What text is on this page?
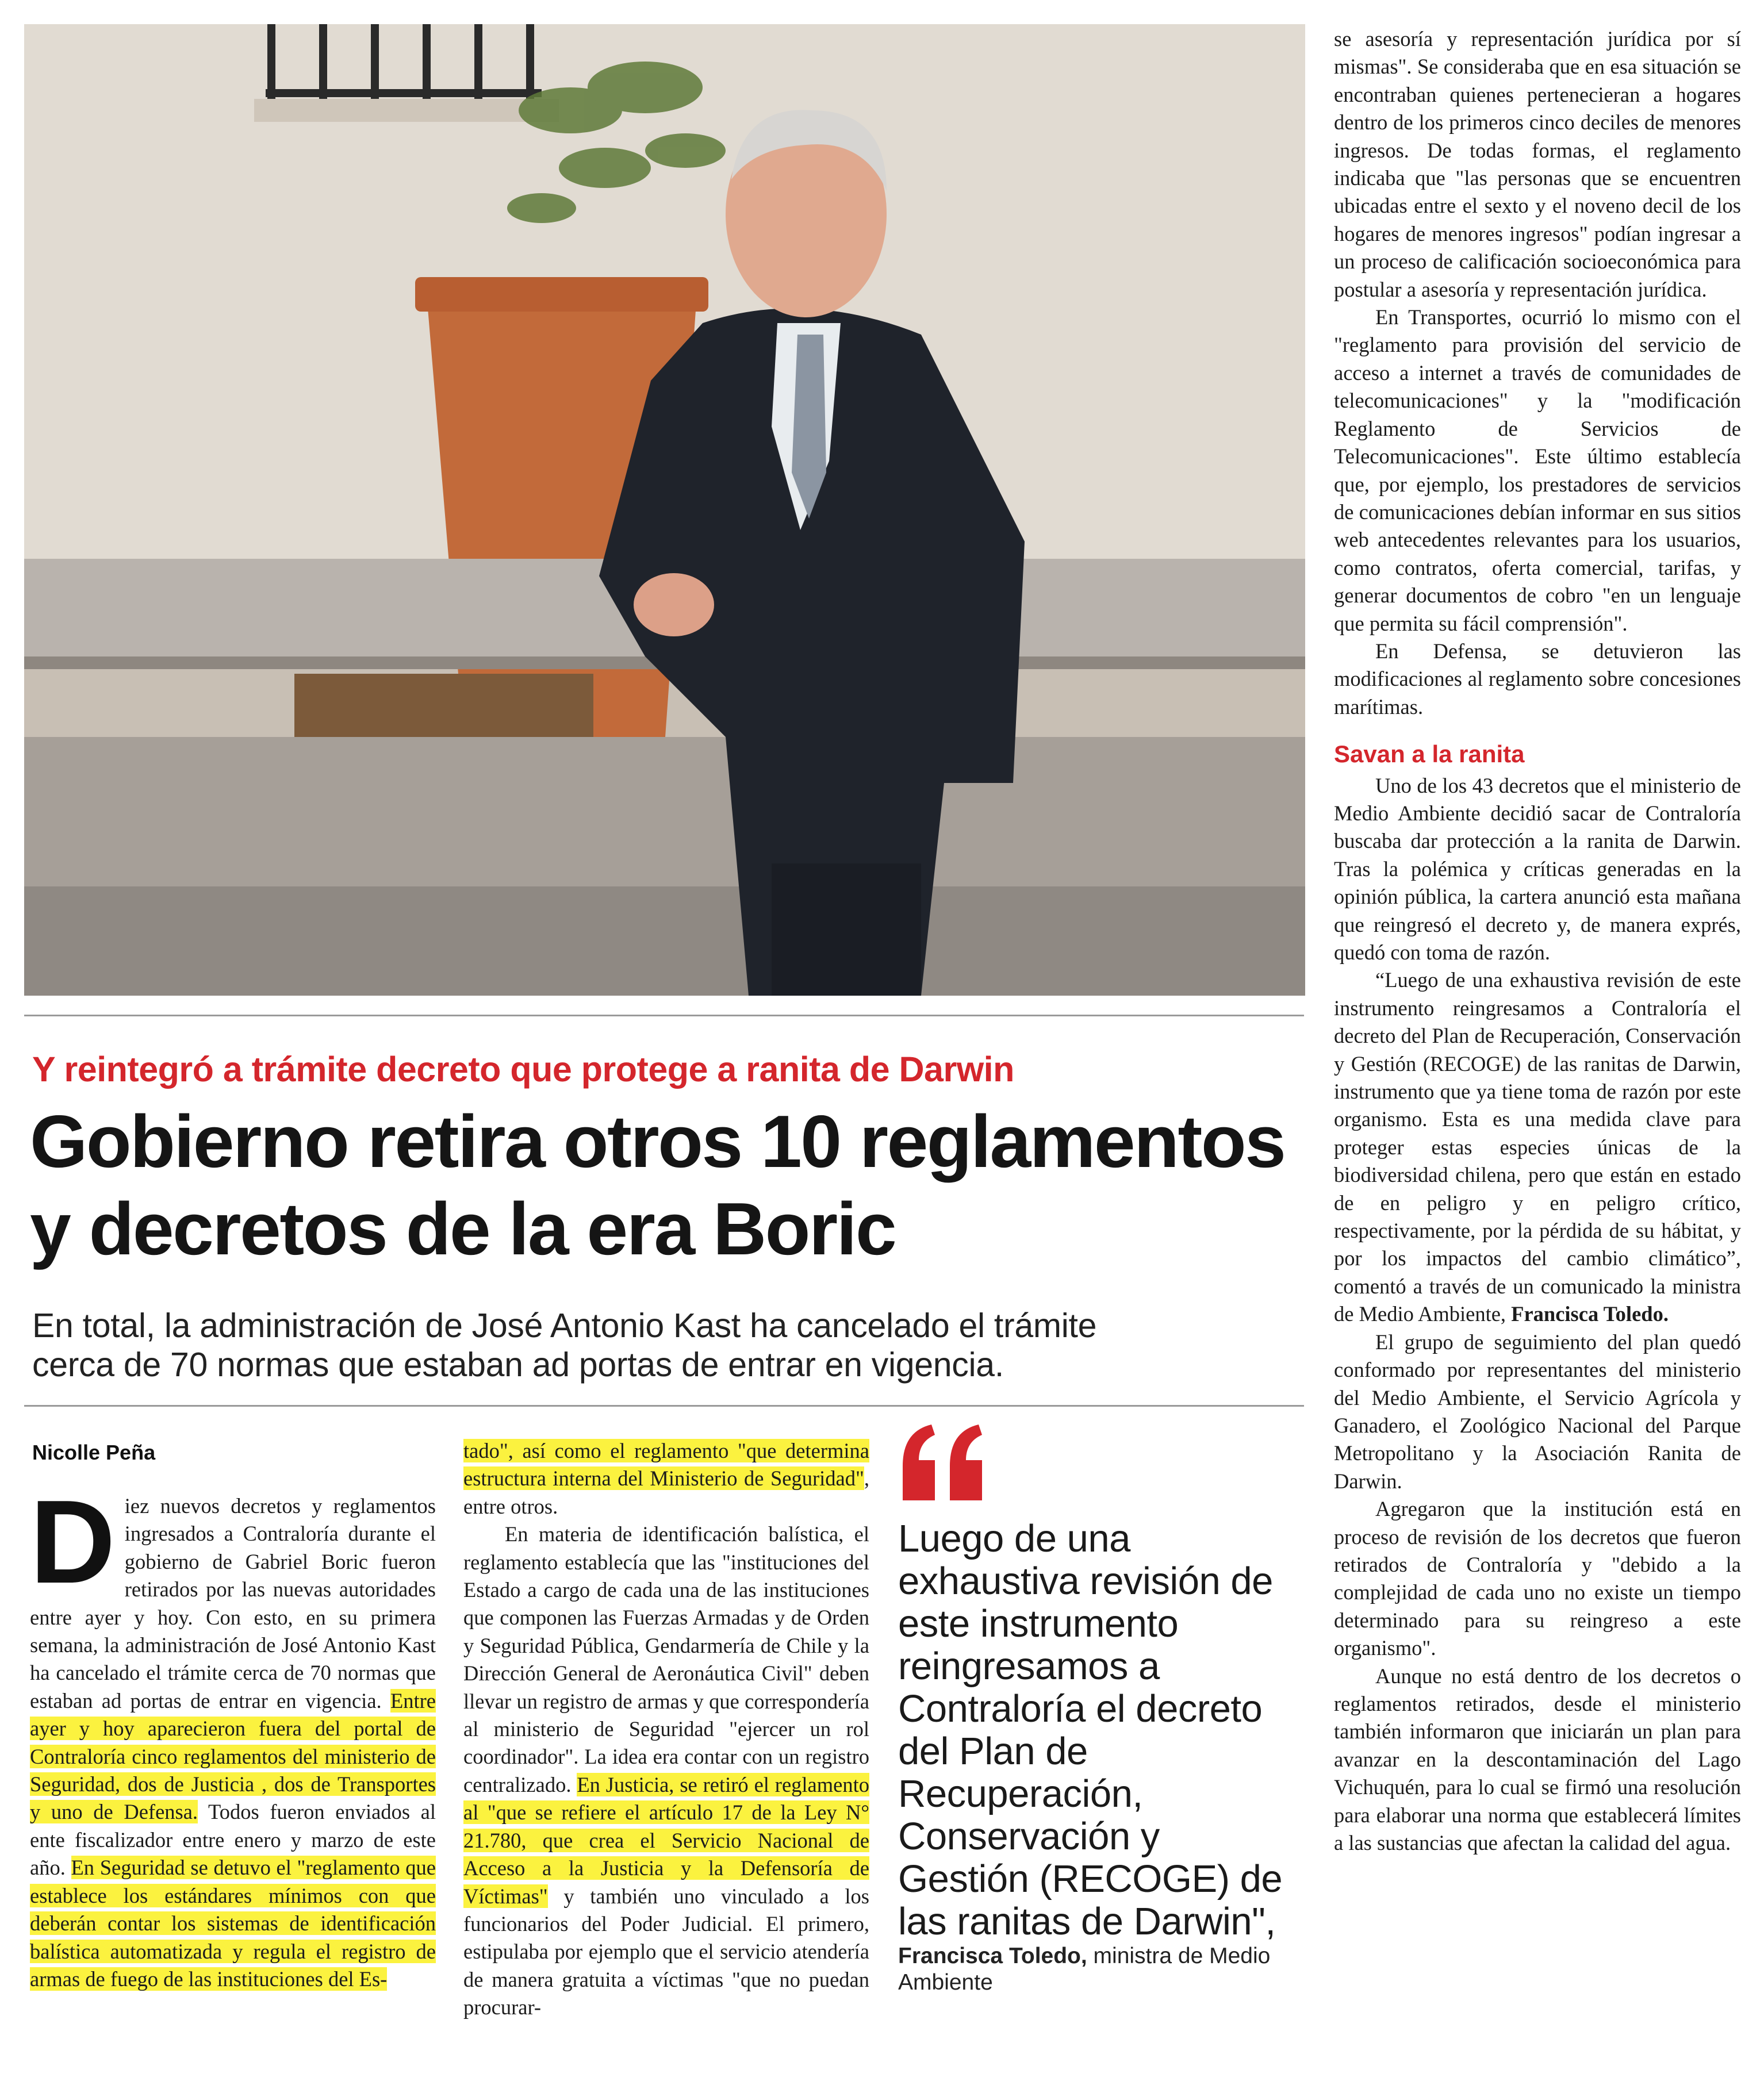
Y reintegró a trámite decreto que protege a ranita de Darwin
Gobierno retira otros 10 reglamentos
y decretos de la era Boric
En total, la administración de José Antonio Kast ha cancelado el trámite
cerca de 70 normas que estaban ad portas de entrar en vigencia.
Nicolle Peña

Diez nuevos decretos y reglamentos ingresados a Contraloría durante el gobierno de Gabriel Boric fueron retirados por las nuevas autoridades entre ayer y hoy. Con esto, en su primera semana, la administración de José Antonio Kast ha cancelado el trámite cerca de 70 normas que estaban ad portas de entrar en vigencia. Entre ayer y hoy aparecieron fuera del portal de Contraloría cinco reglamentos del ministerio de Seguridad, dos de Justicia , dos de Transportes y uno de Defensa. Todos fueron enviados al ente fiscalizador entre enero y marzo de este año. En Seguridad se detuvo el "reglamento que establece los estándares mínimos con que deberán contar los sistemas de identificación balística automatizada y regula el registro de armas de fuego de las instituciones del Es-

tado", así como el reglamento "que determina estructura interna del Ministerio de Seguridad", entre otros.

En materia de identificación balística, el reglamento establecía que las "instituciones del Estado a cargo de cada una de las instituciones que componen las Fuerzas Armadas y de Orden y Seguridad Pública, Gendarmería de Chile y la Dirección General de Aeronáutica Civil" deben llevar un registro de armas y que correspondería al ministerio de Seguridad "ejercer un rol coordinador". La idea era contar con un registro centralizado. En Justicia, se retiró el reglamento al "que se refiere el artículo 17 de la Ley N° 21.780, que crea el Servicio Nacional de Acceso a la Justicia y la Defensoría de Víctimas" y también uno vinculado a los funcionarios del Poder Judicial. El primero, estipulaba por ejemplo que el servicio atendería de manera gratuita a víctimas "que no puedan procurar-

Luego de una exhaustiva revisión de este instrumento reingresamos a Contraloría el decreto del Plan de Recuperación, Conservación y Gestión (RECOGE) de las ranitas de Darwin",
Francisca Toledo, ministra de Medio Ambiente

se asesoría y representación jurídica por sí mismas". Se consideraba que en esa situación se encontraban quienes pertenecieran a hogares dentro de los primeros cinco deciles de menores ingresos. De todas formas, el reglamento indicaba que "las personas que se encuentren ubicadas entre el sexto y el noveno decil de los hogares de menores ingresos" podían ingresar a un proceso de calificación socioeconómica para postular a asesoría y representación jurídica.

En Transportes, ocurrió lo mismo con el "reglamento para provisión del servicio de acceso a internet a través de comunidades de telecomunicaciones" y la "modificación Reglamento de Servicios de Telecomunicaciones". Este último establecía que, por ejemplo, los prestadores de servicios de comunicaciones debían informar en sus sitios web antecedentes relevantes para los usuarios, como contratos, oferta comercial, tarifas, y generar documentos de cobro "en un lenguaje que permita su fácil comprensión".

En Defensa, se detuvieron las modificaciones al reglamento sobre concesiones marítimas.

Savan a la ranita

Uno de los 43 decretos que el ministerio de Medio Ambiente decidió sacar de Contraloría buscaba dar protección a la ranita de Darwin. Tras la polémica y críticas generadas en la opinión pública, la cartera anunció esta mañana que reingresó el decreto y, de manera exprés, quedó con toma de razón.

“Luego de una exhaustiva revisión de este instrumento reingresamos a Contraloría el decreto del Plan de Recuperación, Conservación y Gestión (RECOGE) de las ranitas de Darwin, instrumento que ya tiene toma de razón por este organismo. Esta es una medida clave para proteger estas especies únicas de la biodiversidad chilena, pero que están en estado de en peligro y en peligro crítico, respectivamente, por la pérdida de su hábitat, y por los impactos del cambio climático”, comentó a través de un comunicado la ministra de Medio Ambiente, Francisca Toledo.

El grupo de seguimiento del plan quedó conformado por representantes del ministerio del Medio Ambiente, el Servicio Agrícola y Ganadero, el Zoológico Nacional del Parque Metropolitano y la Asociación Ranita de Darwin.

Agregaron que la institución está en proceso de revisión de los decretos que fueron retirados de Contraloría y "debido a la complejidad de cada uno no existe un tiempo determinado para su reingreso a este organismo".

Aunque no está dentro de los decretos o reglamentos retirados, desde el ministerio también informaron que iniciarán un plan para avanzar en la descontaminación del Lago Vichuquén, para lo cual se firmó una resolución para elaborar una norma que establecerá límites a las sustancias que afectan la calidad del agua.
